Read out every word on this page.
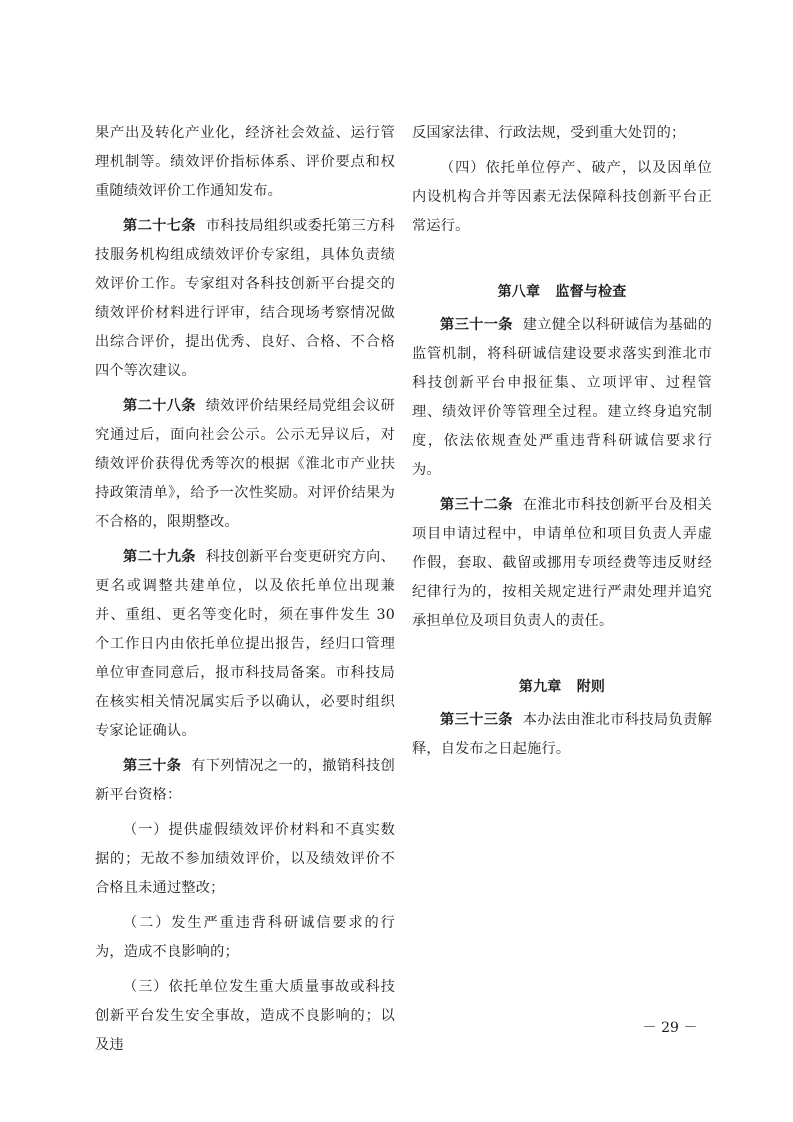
果产出及转化产业化，经济社会效益、运行管理机制等。绩效评价指标体系、评价要点和权重随绩效评价工作通知发布。

第二十七条 市科技局组织或委托第三方科技服务机构组成绩效评价专家组，具体负责绩效评价工作。专家组对各科技创新平台提交的绩效评价材料进行评审，结合现场考察情况做出综合评价，提出优秀、良好、合格、不合格四个等次建议。

第二十八条 绩效评价结果经局党组会议研究通过后，面向社会公示。公示无异议后，对绩效评价获得优秀等次的根据《淮北市产业扶持政策清单》，给予一次性奖励。对评价结果为不合格的，限期整改。

第二十九条 科技创新平台变更研究方向、更名或调整共建单位，以及依托单位出现兼并、重组、更名等变化时，须在事件发生 30 个工作日内由依托单位提出报告，经归口管理单位审查同意后，报市科技局备案。市科技局在核实相关情况属实后予以确认，必要时组织专家论证确认。

第三十条 有下列情况之一的，撤销科技创新平台资格：

（一）提供虚假绩效评价材料和不真实数据的；无故不参加绩效评价，以及绩效评价不合格且未通过整改；

（二）发生严重违背科研诚信要求的行为，造成不良影响的；

（三）依托单位发生重大质量事故或科技创新平台发生安全事故，造成不良影响的；以及违

反国家法律、行政法规，受到重大处罚的；

（四）依托单位停产、破产，以及因单位内设机构合并等因素无法保障科技创新平台正常运行。

第八章   监督与检查

第三十一条 建立健全以科研诚信为基础的监管机制，将科研诚信建设要求落实到淮北市科技创新平台申报征集、立项评审、过程管理、绩效评价等管理全过程。建立终身追究制度，依法依规查处严重违背科研诚信要求行为。

第三十二条 在淮北市科技创新平台及相关项目申请过程中，申请单位和项目负责人弄虚作假，套取、截留或挪用专项经费等违反财经纪律行为的，按相关规定进行严肃处理并追究承担单位及项目负责人的责任。

第九章   附则

第三十三条 本办法由淮北市科技局负责解释，自发布之日起施行。

－ 29 －
